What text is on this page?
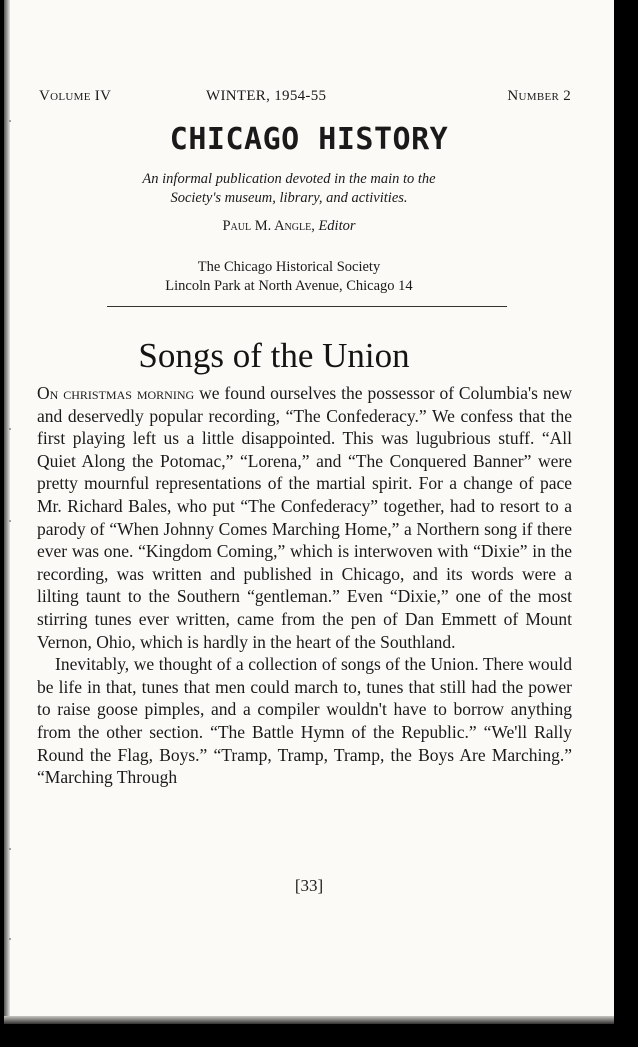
Volume IV	WINTER, 1954-55	Number 2
CHICAGO HISTORY
An informal publication devoted in the main to the
Society's museum, library, and activities.
Paul M. Angle, Editor
The Chicago Historical Society
Lincoln Park at North Avenue, Chicago 14
Songs of the Union

On christmas morning we found ourselves the possessor of Columbia's new and deservedly popular recording, “The Confederacy.” We confess that the first playing left us a little disappointed. This was lugubrious stuff. “All Quiet Along the Potomac,” “Lorena,” and “The Conquered Banner” were pretty mournful representations of the martial spirit. For a change of pace Mr. Richard Bales, who put “The Confederacy” together, had to resort to a parody of “When Johnny Comes Marching Home,” a Northern song if there ever was one. “Kingdom Coming,” which is interwoven with “Dixie” in the recording, was written and published in Chicago, and its words were a lilting taunt to the Southern “gentleman.” Even “Dixie,” one of the most stirring tunes ever written, came from the pen of Dan Emmett of Mount Vernon, Ohio, which is hardly in the heart of the Southland.

Inevitably, we thought of a collection of songs of the Union. There would be life in that, tunes that men could march to, tunes that still had the power to raise goose pimples, and a compiler wouldn't have to borrow anything from the other section. “The Battle Hymn of the Republic.” “We'll Rally Round the Flag, Boys.” “Tramp, Tramp, Tramp, the Boys Are Marching.” “Marching Through

[33]
